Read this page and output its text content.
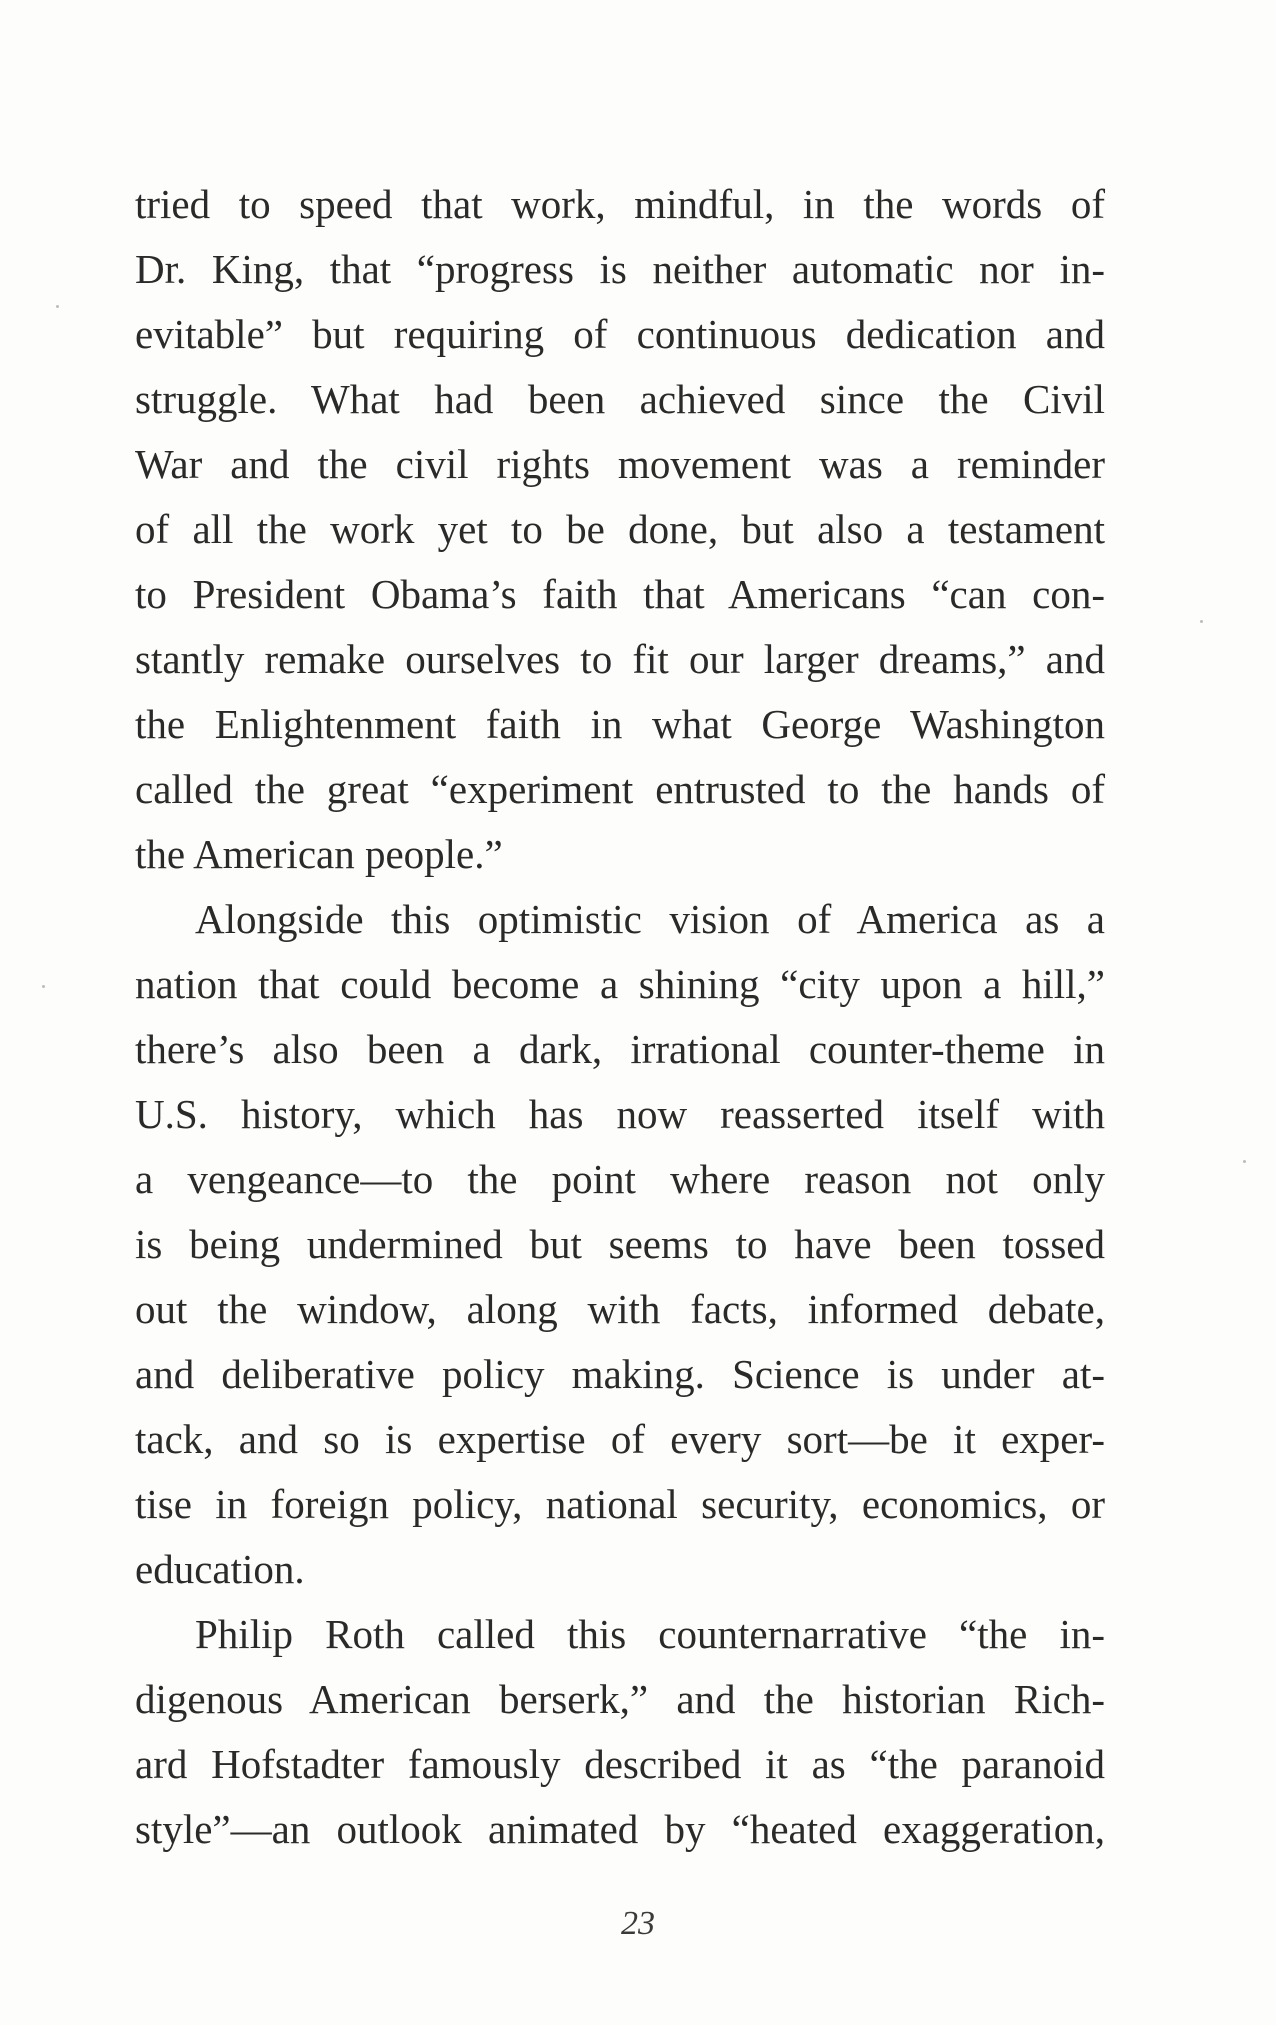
tried to speed that work, mindful, in the words of
Dr. King, that “progress is neither automatic nor in-
evitable” but requiring of continuous dedication and
struggle. What had been achieved since the Civil
War and the civil rights movement was a reminder
of all the work yet to be done, but also a testament
to President Obama’s faith that Americans “can con-
stantly remake ourselves to fit our larger dreams,” and
the Enlightenment faith in what George Washington
called the great “experiment entrusted to the hands of
the American people.”
Alongside this optimistic vision of America as a
nation that could become a shining “city upon a hill,”
there’s also been a dark, irrational counter-theme in
U.S. history, which has now reasserted itself with
a vengeance—to the point where reason not only
is being undermined but seems to have been tossed
out the window, along with facts, informed debate,
and deliberative policy making. Science is under at-
tack, and so is expertise of every sort—be it exper-
tise in foreign policy, national security, economics, or
education.
Philip Roth called this counternarrative “the in-
digenous American berserk,” and the historian Rich-
ard Hofstadter famously described it as “the paranoid
style”—an outlook animated by “heated exaggeration,
23
